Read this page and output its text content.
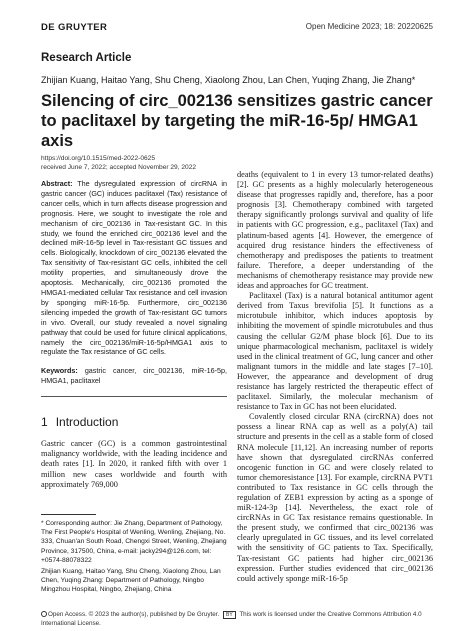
DE GRUYTER	Open Medicine 2023; 18: 20220625
Research Article
Zhijian Kuang, Haitao Yang, Shu Cheng, Xiaolong Zhou, Lan Chen, Yuqing Zhang, Jie Zhang*
Silencing of circ_002136 sensitizes gastric cancer to paclitaxel by targeting the miR-16-5p/ HMGA1 axis
https://doi.org/10.1515/med-2022-0625
received June 7, 2022; accepted November 29, 2022

Abstract: The dysregulated expression of circRNA in gastric cancer (GC) induces paclitaxel (Tax) resistance of cancer cells, which in turn affects disease progression and prognosis. Here, we sought to investigate the role and mechanism of circ_002136 in Tax-resistant GC. In this study, we found the enriched circ_002136 level and the declined miR-16-5p level in Tax-resistant GC tissues and cells. Biologically, knockdown of circ_002136 elevated the Tax sensitivity of Tax-resistant GC cells, inhibited the cell motility properties, and simultaneously drove the apoptosis. Mechanically, circ_002136 promoted the HMGA1-mediated cellular Tax resistance and cell invasion by sponging miR-16-5p. Furthermore, circ_002136 silencing impeded the growth of Tax-resistant GC tumors in vivo. Overall, our study revealed a novel signaling pathway that could be used for future clinical applications, namely the circ_002136/miR-16-5p/HMGA1 axis to regulate the Tax resistance of GC cells.

Keywords: gastric cancer, circ_002136, miR-16-5p, HMGA1, paclitaxel

1 Introduction

Gastric cancer (GC) is a common gastrointestinal malignancy worldwide, with the leading incidence and death rates [1]. In 2020, it ranked fifth with over 1 million new cases worldwide and fourth with approximately 769,000

deaths (equivalent to 1 in every 13 tumor-related deaths) [2]. GC presents as a highly molecularly heterogeneous disease that progresses rapidly and, therefore, has a poor prognosis [3]. Chemotherapy combined with targeted therapy significantly prolongs survival and quality of life in patients with GC progression, e.g., paclitaxel (Tax) and platinum-based agents [4]. However, the emergence of acquired drug resistance hinders the effectiveness of chemotherapy and predisposes the patients to treatment failure. Therefore, a deeper understanding of the mechanisms of chemotherapy resistance may provide new ideas and approaches for GC treatment.

Paclitaxel (Tax) is a natural botanical antitumor agent derived from Taxus brevifolia [5]. It functions as a microtubule inhibitor, which induces apoptosis by inhibiting the movement of spindle microtubules and thus causing the cellular G2/M phase block [6]. Due to its unique pharmacological mechanism, paclitaxel is widely used in the clinical treatment of GC, lung cancer and other malignant tumors in the middle and late stages [7–10]. However, the appearance and development of drug resistance has largely restricted the therapeutic effect of paclitaxel. Similarly, the molecular mechanism of resistance to Tax in GC has not been elucidated.

Covalently closed circular RNA (circRNA) does not possess a linear RNA cap as well as a poly(A) tail structure and presents in the cell as a stable form of closed RNA molecule [11,12]. An increasing number of reports have shown that dysregulated circRNAs conferred oncogenic function in GC and were closely related to tumor chemoresistance [13]. For example, circRNA PVT1 contributed to Tax resistance in GC cells through the regulation of ZEB1 expression by acting as a sponge of miR-124-3p [14]. Nevertheless, the exact role of circRNAs in GC Tax resistance remains questionable. In the present study, we confirmed that circ_002136 was clearly upregulated in GC tissues, and its level correlated with the sensitivity of GC patients to Tax. Specifically, Tax-resistant GC patients had higher circ_002136 expression. Further studies evidenced that circ_002136 could actively sponge miR-16-5p

* Corresponding author: Jie Zhang, Department of Pathology, The First People's Hospital of Wenling, Wenling, Zhejiang, No. 333, Chuan'an South Road, Chengxi Street, Wenling, Zhejiang Province, 317500, China, e-mail: jacky294@126.com, tel: +0574-88078322

Zhijian Kuang, Haitao Yang, Shu Cheng, Xiaolong Zhou, Lan Chen, Yuqing Zhang: Department of Pathology, Ningbo Mingzhou Hospital, Ningbo, Zhejiang, China

Open Access. © 2023 the author(s), published by De Gruyter. BY This work is licensed under the Creative Commons Attribution 4.0 International License.
